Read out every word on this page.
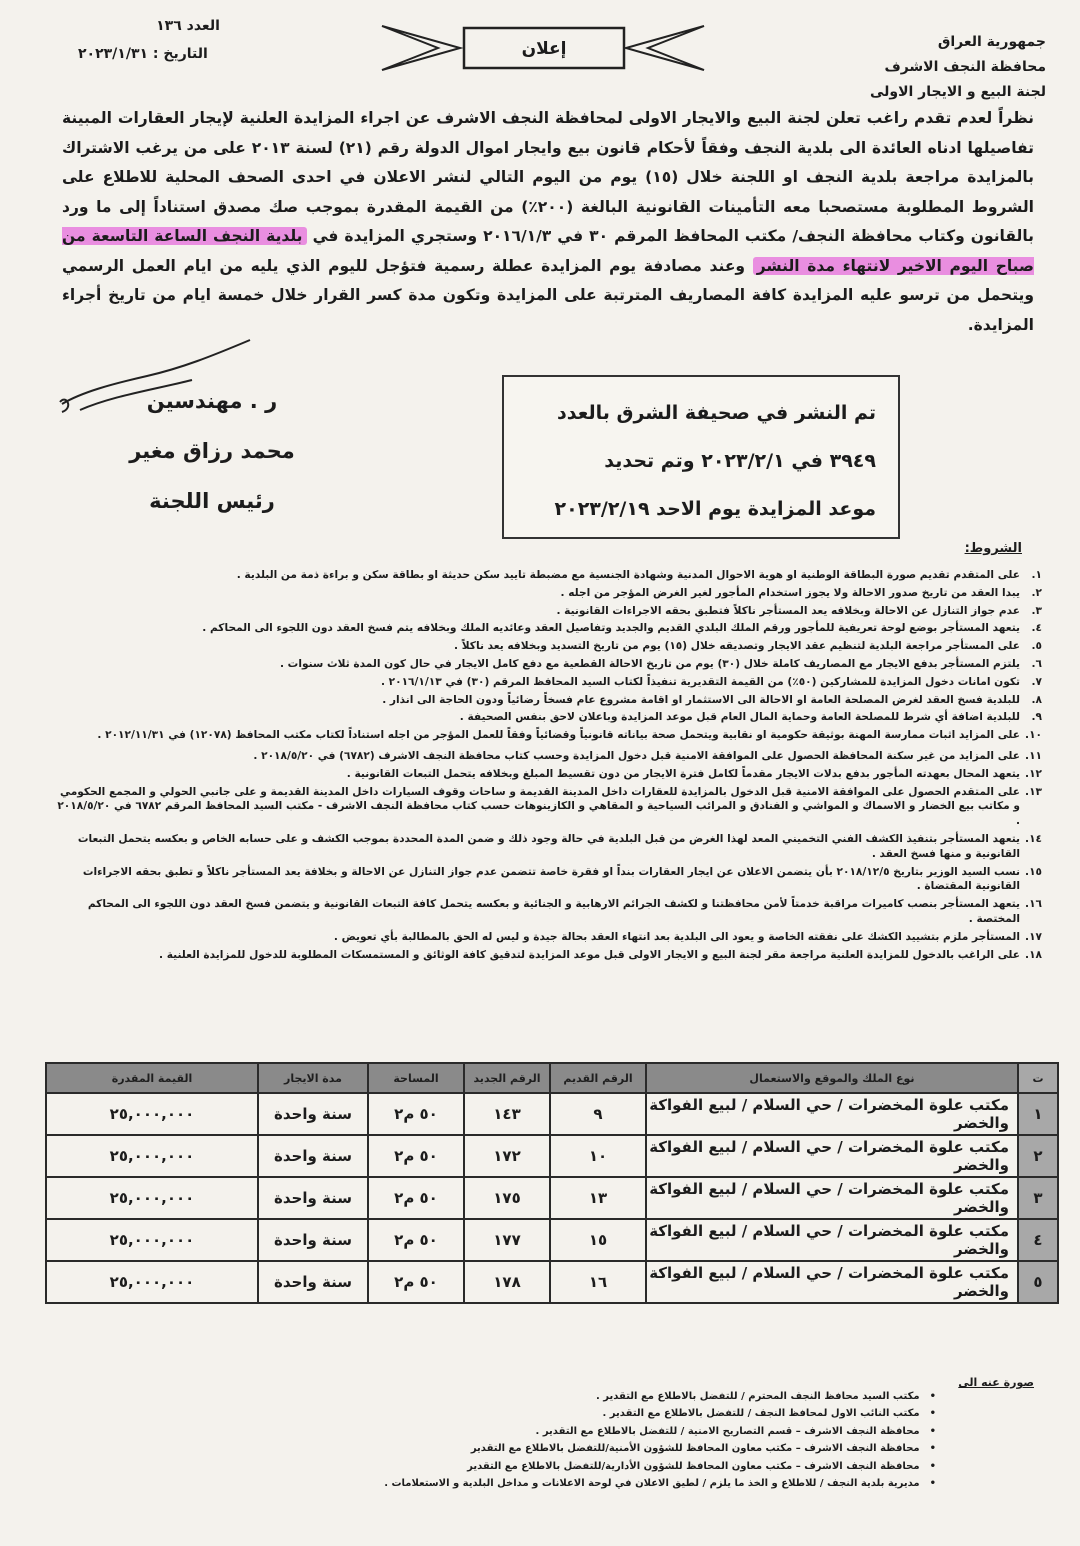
جمهورية العراق
محافظة النجف الاشرف
لجنة البيع و الايجار الاولى
العدد ١٣٦
التاريخ : ٢٠٢٣/١/٣١	إعلان
نظراً لعدم تقدم راغب تعلن لجنة البيع والايجار الاولى لمحافظة النجف الاشرف عن اجراء المزايدة العلنية لإيجار العقارات المبينة تفاصيلها ادناه العائدة الى بلدية النجف وفقاً لأحكام قانون بيع وايجار اموال الدولة رقم (٢١) لسنة ٢٠١٣ على من يرغب الاشتراك بالمزايدة مراجعة بلدية النجف او اللجنة خلال (١٥) يوم من اليوم التالي لنشر الاعلان في احدى الصحف المحلية للاطلاع على الشروط المطلوبة مستصحبا معه التأمينات القانونية البالغة (٢٠٠٪) من القيمة المقدرة بموجب صك مصدق استناداً إلى ما ورد بالقانون وكتاب محافظة النجف/ مكتب المحافظ المرقم ٣٠ في ٢٠١٦/١/٣ وستجري المزايدة في بلدية النجف الساعة التاسعة من صباح اليوم الاخير لانتهاء مدة النشر وعند مصادفة يوم المزايدة عطلة رسمية فتؤجل لليوم الذي يليه من ايام العمل الرسمي ويتحمل من ترسو عليه المزايدة كافة المصاريف المترتبة على المزايدة وتكون مدة كسر القرار خلال خمسة ايام من تاريخ أجراء المزايدة.
ر . مهندسين
محمد رزاق مغير
رئيس اللجنة
تم النشر في صحيفة الشرق بالعدد
٣٩٤٩ في ٢٠٢٣/٢/١ وتم تحديد
موعد المزايدة يوم الاحد ٢٠٢٣/٢/١٩
الشروط:
١.
على المتقدم تقديم صورة البطاقة الوطنية او هوية الاحوال المدنية وشهادة الجنسية مع مضبطة تاييد سكن حديثة او بطاقة سكن و براءة ذمة من البلدية .
٢.
يبدا العقد من تاريخ صدور الاحالة ولا يجوز استخدام المأجور لغير الغرض المؤجر من اجله .
٣.
عدم جواز التنازل عن الاحالة وبخلافه يعد المستأجر ناكلاً فتطبق بحقه الاجراءات القانونية .
٤.
يتعهد المستأجر بوضع لوحة تعريفية للمأجور ورقم الملك البلدي القديم والجديد وتفاصيل العقد وعائديه الملك وبخلافه يتم فسخ العقد دون اللجوء الى المحاكم .
٥.
على المستأجر مراجعة البلدية لتنظيم عقد الايجار وتصديقه خلال (١٥) يوم من تاريخ التسديد وبخلافه يعد ناكلاً .
٦.
يلتزم المستأجر بدفع الايجار مع المصاريف كاملة خلال (٣٠) يوم من تاريخ الاحالة القطعية مع دفع كامل الايجار في حال كون المدة ثلاث سنوات .
٧.
تكون امانات دخول المزايدة للمشاركين (٥٠٪) من القيمة التقديرية تنفيذاً لكتاب السيد المحافظ المرقم (٣٠) في ٢٠١٦/١/١٣ .
٨.
للبلدية فسخ العقد لغرض المصلحة العامة او الاحالة الى الاستثمار او اقامة مشروع عام فسخاً رضائياً ودون الحاجة الى انذار .
٩.
للبلدية اضافة أي شرط للمصلحة العامة وحماية المال العام قبل موعد المزايدة وباعلان لاحق بنفس الصحيفة .
١٠.
على المزايد اثبات ممارسة المهنة بوثيقة حكومية او نقابية ويتحمل صحة بياناته قانونياً وقضائياً وفقاً للعمل المؤجر من اجله استناداً لكتاب مكتب المحافظ (١٢٠٧٨) في ٢٠١٢/١١/٣١ .
١١.
على المزايد من غير سكنة المحافظة الحصول على الموافقة الامنية قبل دخول المزايدة وحسب كتاب محافظة النجف الاشرف (٦٧٨٢) في ٢٠١٨/٥/٢٠ .
١٢.
يتعهد المحال بعهدته المأجور بدفع بدلات الايجار مقدماً لكامل فترة الايجار من دون تقسيط المبلغ وبخلافه يتحمل التبعات القانونية .
١٣.
على المتقدم الحصول على الموافقة الامنية قبل الدخول بالمزايدة للعقارات داخل المدينة القديمة و ساحات وقوف السيارات داخل المدينة القديمة و على جانبي الحولي و المجمع الحكومي و مكاتب بيع الخضار و الاسماك و المواشي و الفنادق و المرائب السياحية و المقاهي و الكازينوهات حسب كتاب محافظة النجف الاشرف - مكتب السيد المحافظ المرقم ٦٧٨٢ في ٢٠١٨/٥/٢٠ .
١٤.
يتعهد المستأجر بتنفيذ الكشف الفني التخميني المعد لهذا الغرض من قبل البلدية في حالة وجود ذلك و ضمن المدة المحددة بموجب الكشف و على حسابه الخاص و بعكسه يتحمل التبعات القانونية و منها فسخ العقد .
١٥.
نسب السيد الوزير بتاريخ ٢٠١٨/١٢/٥ بأن يتضمن الاعلان عن ايجار العقارات بنداً او فقرة خاصة تتضمن عدم جواز التنازل عن الاحالة و بخلافة يعد المستأجر ناكلاً و تطبق بحقه الاجراءات القانونية المقتضاة .
١٦.
يتعهد المستأجر بنصب كاميرات مراقبة خدمتاً لأمن محافظتنا و لكشف الجرائم الارهابية و الجنائية و بعكسه يتحمل كافة التبعات القانونية و يتضمن فسخ العقد دون اللجوء الى المحاكم المختصة .
١٧.
المستأجر ملزم بتشييد الكشك على نفقته الخاصة و يعود الى البلدية بعد انتهاء العقد بحالة جيدة و ليس له الحق بالمطالبة بأي تعويض .
١٨.
على الراغب بالدخول للمزايدة العلنية مراجعة مقر لجنة البيع و الايجار الاولى قبل موعد المزايدة لتدقيق كافة الوثائق و المستمسكات المطلوبة للدخول للمزايدة العلنية .
ت	نوع الملك والموقع والاستعمال	الرقم القديم	الرقم الجديد	المساحة	مدة الايجار	القيمة المقدرة
١	مكتب علوة المخضرات / حي السلام / لبيع الفواكة والخضر	٩	١٤٣	٥٠ م٢	سنة واحدة	٢٥,٠٠٠,٠٠٠
٢	مكتب علوة المخضرات / حي السلام / لبيع الفواكة والخضر	١٠	١٧٢	٥٠ م٢	سنة واحدة	٢٥,٠٠٠,٠٠٠
٣	مكتب علوة المخضرات / حي السلام / لبيع الفواكة والخضر	١٣	١٧٥	٥٠ م٢	سنة واحدة	٢٥,٠٠٠,٠٠٠
٤	مكتب علوة المخضرات / حي السلام / لبيع الفواكة والخضر	١٥	١٧٧	٥٠ م٢	سنة واحدة	٢٥,٠٠٠,٠٠٠
٥	مكتب علوة المخضرات / حي السلام / لبيع الفواكة والخضر	١٦	١٧٨	٥٠ م٢	سنة واحدة	٢٥,٠٠٠,٠٠٠
صورة عنه الى
• مكتب السيد محافظ النجف المحترم / للتفضل بالاطلاع مع التقدير .
• مكتب النائب الاول لمحافظ النجف / للتفضل بالاطلاع مع التقدير .
• محافظة النجف الاشرف – قسم التصاريح الامنية / للتفضل بالاطلاع مع التقدير .
• محافظة النجف الاشرف – مكتب معاون المحافظ للشؤون الأمنية/للتفضل بالاطلاع مع التقدير
• محافظة النجف الاشرف – مكتب معاون المحافظ للشؤون الأدارية/للتفضل بالاطلاع مع التقدير
• مديرية بلدية النجف / للاطلاع و الخذ ما يلزم / لطيق الاعلان في لوحة الاعلانات و مداخل البلدية و الاستعلامات .
